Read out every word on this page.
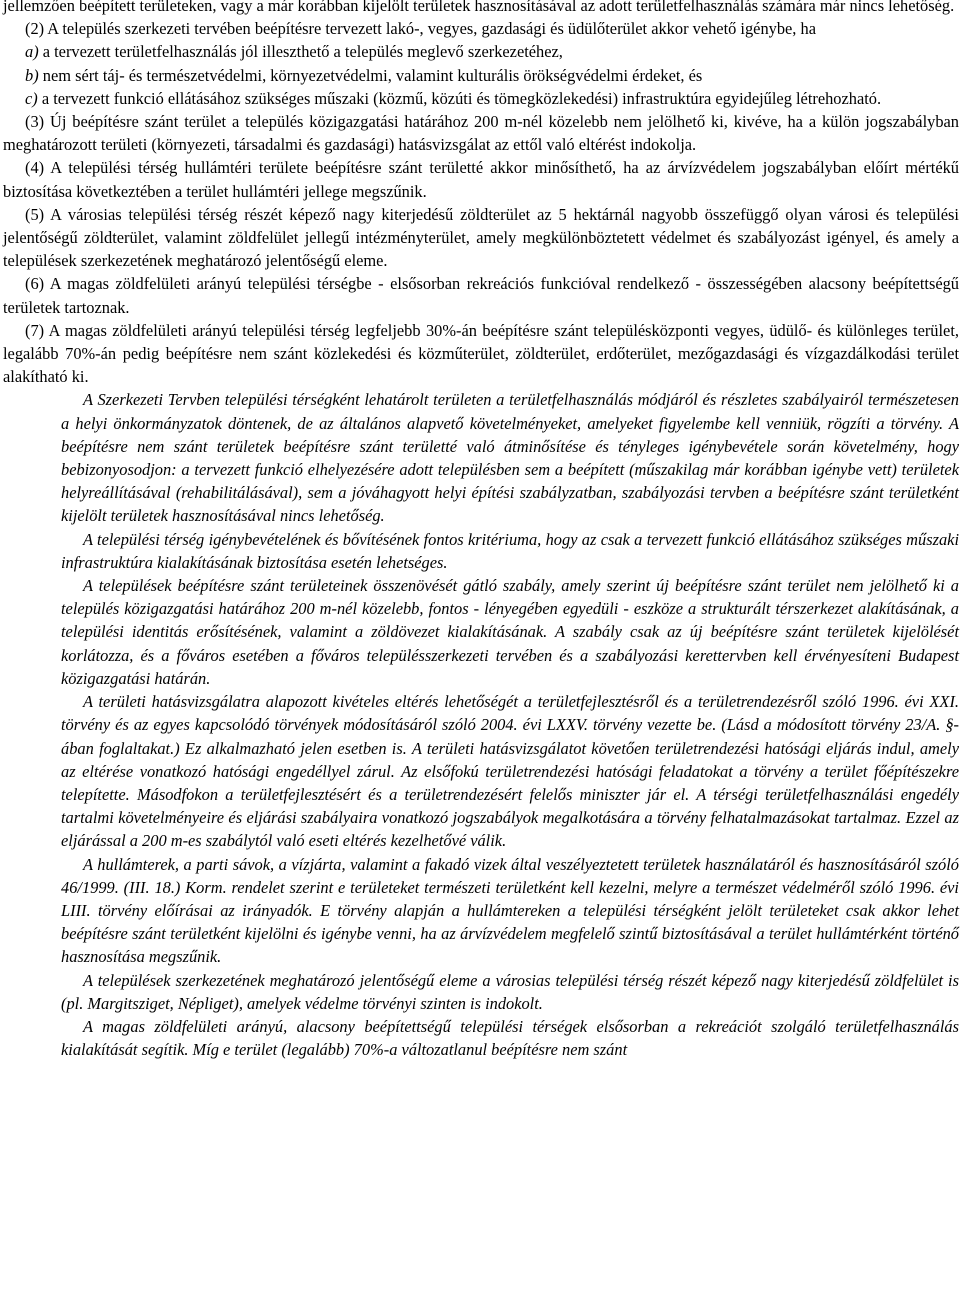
jellemzően beépített területeken, vagy a már korábban kijelölt területek hasznosításával az adott területfelhasználás számára már nincs lehetőség.

(2) A település szerkezeti tervében beépítésre tervezett lakó-, vegyes, gazdasági és üdülőterület akkor vehető igénybe, ha

a) a tervezett területfelhasználás jól illeszthető a település meglevő szerkezetéhez,

b) nem sért táj- és természetvédelmi, környezetvédelmi, valamint kulturális örökségvédelmi érdeket, és

c) a tervezett funkció ellátásához szükséges műszaki (közmű, közúti és tömegközlekedési) infrastruktúra egyidejűleg létrehozható.

(3) Új beépítésre szánt terület a település közigazgatási határához 200 m-nél közelebb nem jelölhető ki, kivéve, ha a külön jogszabályban meghatározott területi (környezeti, társadalmi és gazdasági) hatásvizsgálat az ettől való eltérést indokolja.

(4) A települési térség hullámtéri területe beépítésre szánt területté akkor minősíthető, ha az árvízvédelem jogszabályban előírt mértékű biztosítása következtében a terület hullámtéri jellege megszűnik.

(5) A városias települési térség részét képező nagy kiterjedésű zöldterület az 5 hektárnál nagyobb összefüggő olyan városi és települési jelentőségű zöldterület, valamint zöldfelület jellegű intézményterület, amely megkülönböztetett védelmet és szabályozást igényel, és amely a települések szerkezetének meghatározó jelentőségű eleme.

(6) A magas zöldfelületi arányú települési térségbe - elsősorban rekreációs funkcióval rendelkező - összességében alacsony beépítettségű területek tartoznak.

(7) A magas zöldfelületi arányú települési térség legfeljebb 30%-án beépítésre szánt településközponti vegyes, üdülő- és különleges terület, legalább 70%-án pedig beépítésre nem szánt közlekedési és közműterület, zöldterület, erdőterület, mezőgazdasági és vízgazdálkodási terület alakítható ki.

A Szerkezeti Tervben települési térségként lehatárolt területen a területfelhasználás módjáról és részletes szabályairól természetesen a helyi önkormányzatok döntenek, de az általános alapvető követelményeket, amelyeket figyelembe kell venniük, rögzíti a törvény. A beépítésre nem szánt területek beépítésre szánt területté való átminősítése és tényleges igénybevétele során követelmény, hogy bebizonyosodjon: a tervezett funkció elhelyezésére adott településben sem a beépített (műszakilag már korábban igénybe vett) területek helyreállításával (rehabilitálásával), sem a jóváhagyott helyi építési szabályzatban, szabályozási tervben a beépítésre szánt területként kijelölt területek hasznosításával nincs lehetőség.

A települési térség igénybevételének és bővítésének fontos kritériuma, hogy az csak a tervezett funkció ellátásához szükséges műszaki infrastruktúra kialakításának biztosítása esetén lehetséges.

A települések beépítésre szánt területeinek összenövését gátló szabály, amely szerint új beépítésre szánt terület nem jelölhető ki a település közigazgatási határához 200 m-nél közelebb, fontos - lényegében egyedüli - eszköze a strukturált térszerkezet alakításának, a települési identitás erősítésének, valamint a zöldövezet kialakításának. A szabály csak az új beépítésre szánt területek kijelölését korlátozza, és a főváros esetében a főváros településszerkezeti tervében és a szabályozási kerettervben kell érvényesíteni Budapest közigazgatási határán.

A területi hatásvizsgálatra alapozott kivételes eltérés lehetőségét a területfejlesztésről és a területrendezésről szóló 1996. évi XXI. törvény és az egyes kapcsolódó törvények módosításáról szóló 2004. évi LXXV. törvény vezette be. (Lásd a módosított törvény 23/A. §-ában foglaltakat.) Ez alkalmazható jelen esetben is. A területi hatásvizsgálatot követően területrendezési hatósági eljárás indul, amely az eltérése vonatkozó hatósági engedéllyel zárul. Az elsőfokú területrendezési hatósági feladatokat a törvény a terület főépítészekre telepítette. Másodfokon a területfejlesztésért és a területrendezésért felelős miniszter jár el. A térségi területfelhasználási engedély tartalmi követelményeire és eljárási szabályaira vonatkozó jogszabályok megalkotására a törvény felhatalmazásokat tartalmaz. Ezzel az eljárással a 200 m-es szabálytól való eseti eltérés kezelhetővé válik.

A hullámterek, a parti sávok, a vízjárta, valamint a fakadó vizek által veszélyeztetett területek használatáról és hasznosításáról szóló 46/1999. (III. 18.) Korm. rendelet szerint e területeket természeti területként kell kezelni, melyre a természet védelméről szóló 1996. évi LIII. törvény előírásai az irányadók. E törvény alapján a hullámtereken a települési térségként jelölt területeket csak akkor lehet beépítésre szánt területként kijelölni és igénybe venni, ha az árvízvédelem megfelelő szintű biztosításával a terület hullámtérként történő hasznosítása megszűnik.

A települések szerkezetének meghatározó jelentőségű eleme a városias települési térség részét képező nagy kiterjedésű zöldfelület is (pl. Margitsziget, Népliget), amelyek védelme törvényi szinten is indokolt.

A magas zöldfelületi arányú, alacsony beépítettségű települési térségek elsősorban a rekreációt szolgáló területfelhasználás kialakítását segítik. Míg e terület (legalább) 70%-a változatlanul beépítésre nem szánt
